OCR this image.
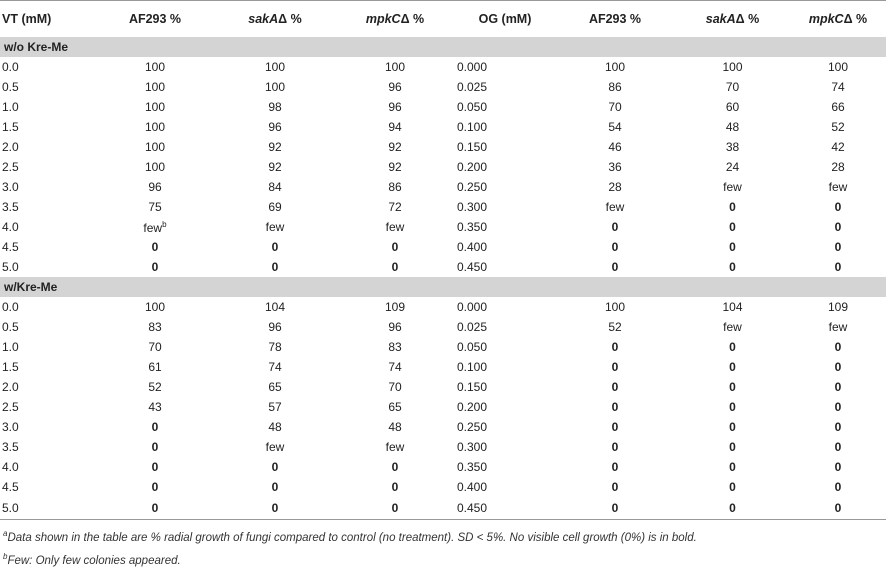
VT (mM)	AF293 %	sakAΔ %	mpkCΔ %	OG (mM)	AF293 %	sakAΔ %	mpkCΔ %
w/o Kre-Me							
0.0	100	100	100	0.000	100	100	100
0.5	100	100	96	0.025	86	70	74
1.0	100	98	96	0.050	70	60	66
1.5	100	96	94	0.100	54	48	52
2.0	100	92	92	0.150	46	38	42
2.5	100	92	92	0.200	36	24	28
3.0	96	84	86	0.250	28	few	few
3.5	75	69	72	0.300	few	0	0
4.0	few$^b$	few	few	0.350	0	0	0
4.5	0	0	0	0.400	0	0	0
5.0	0	0	0	0.450	0	0	0
w/Kre-Me							
0.0	100	104	109	0.000	100	104	109
0.5	83	96	96	0.025	52	few	few
1.0	70	78	83	0.050	0	0	0
1.5	61	74	74	0.100	0	0	0
2.0	52	65	70	0.150	0	0	0
2.5	43	57	65	0.200	0	0	0
3.0	0	48	48	0.250	0	0	0
3.5	0	few	few	0.300	0	0	0
4.0	0	0	0	0.350	0	0	0
4.5	0	0	0	0.400	0	0	0
5.0	0	0	0	0.450	0	0	0
$^a$Data shown in the table are % radial growth of fungi compared to control (no treatment). SD < 5%. No visible cell growth (0%) is in bold.
$^b$Few: Only few colonies appeared.
